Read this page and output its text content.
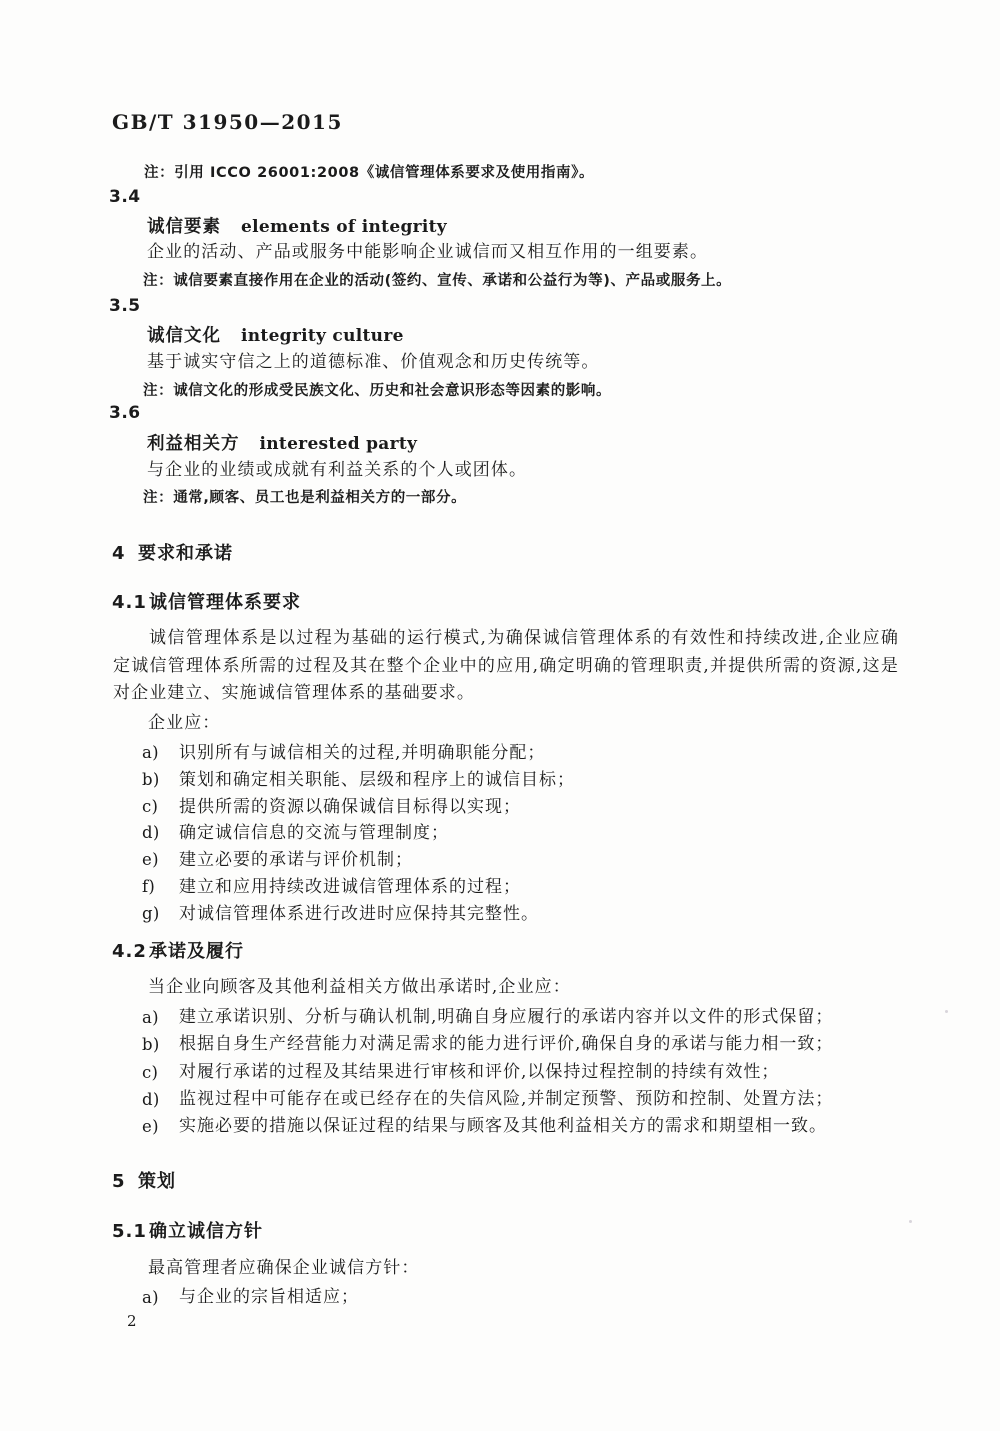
GB/T 31950—2015
注：引用 ICCO 26001:2008《诚信管理体系要求及使用指南》。
3.4
诚信要素 elements of integrity
企业的活动、产品或服务中能影响企业诚信而又相互作用的一组要素。
注：诚信要素直接作用在企业的活动(签约、宣传、承诺和公益行为等)、产品或服务上。
3.5
诚信文化 integrity culture
基于诚实守信之上的道德标准、价值观念和历史传统等。
注：诚信文化的形成受民族文化、历史和社会意识形态等因素的影响。
3.6
利益相关方 interested party
与企业的业绩或成就有利益关系的个人或团体。
注：通常,顾客、员工也是利益相关方的一部分。
4 要求和承诺
4.1 诚信管理体系要求
诚信管理体系是以过程为基础的运行模式,为确保诚信管理体系的有效性和持续改进,企业应确定诚信管理体系所需的过程及其在整个企业中的应用,确定明确的管理职责,并提供所需的资源,这是对企业建立、实施诚信管理体系的基础要求。
企业应：
a)	识别所有与诚信相关的过程,并明确职能分配；
b)	策划和确定相关职能、层级和程序上的诚信目标；
c)	提供所需的资源以确保诚信目标得以实现；
d)	确定诚信信息的交流与管理制度；
e)	建立必要的承诺与评价机制；
f)	建立和应用持续改进诚信管理体系的过程；
g)	对诚信管理体系进行改进时应保持其完整性。
4.2 承诺及履行
当企业向顾客及其他利益相关方做出承诺时,企业应：
a)	建立承诺识别、分析与确认机制,明确自身应履行的承诺内容并以文件的形式保留；
b)	根据自身生产经营能力对满足需求的能力进行评价,确保自身的承诺与能力相一致；
c)	对履行承诺的过程及其结果进行审核和评价,以保持过程控制的持续有效性；
d)	监视过程中可能存在或已经存在的失信风险,并制定预警、预防和控制、处置方法；
e)	实施必要的措施以保证过程的结果与顾客及其他利益相关方的需求和期望相一致。
5 策划
5.1 确立诚信方针
最高管理者应确保企业诚信方针：
a)	与企业的宗旨相适应；
2
